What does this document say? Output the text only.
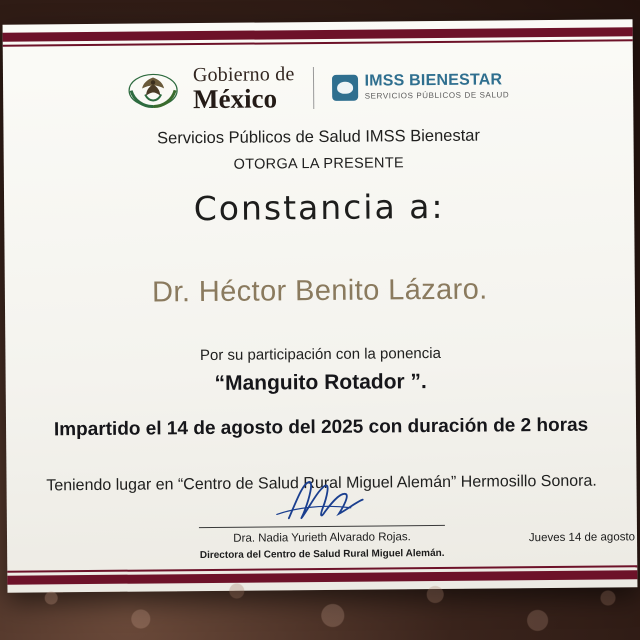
Gobierno de
México
IMSS BIENESTAR
SERVICIOS PÚBLICOS DE SALUD
Servicios Públicos de Salud IMSS Bienestar
OTORGA LA PRESENTE
Constancia a:
Dr. Héctor Benito Lázaro.
Por su participación con la ponencia
“Manguito Rotador ”.
Impartido el 14 de agosto del 2025 con duración de 2 horas
Teniendo lugar en “Centro de Salud Rural Miguel Alemán” Hermosillo Sonora.
Dra. Nadia Yurieth Alvarado Rojas.
Directora del Centro de Salud Rural Miguel Alemán.
Jueves 14 de agosto
